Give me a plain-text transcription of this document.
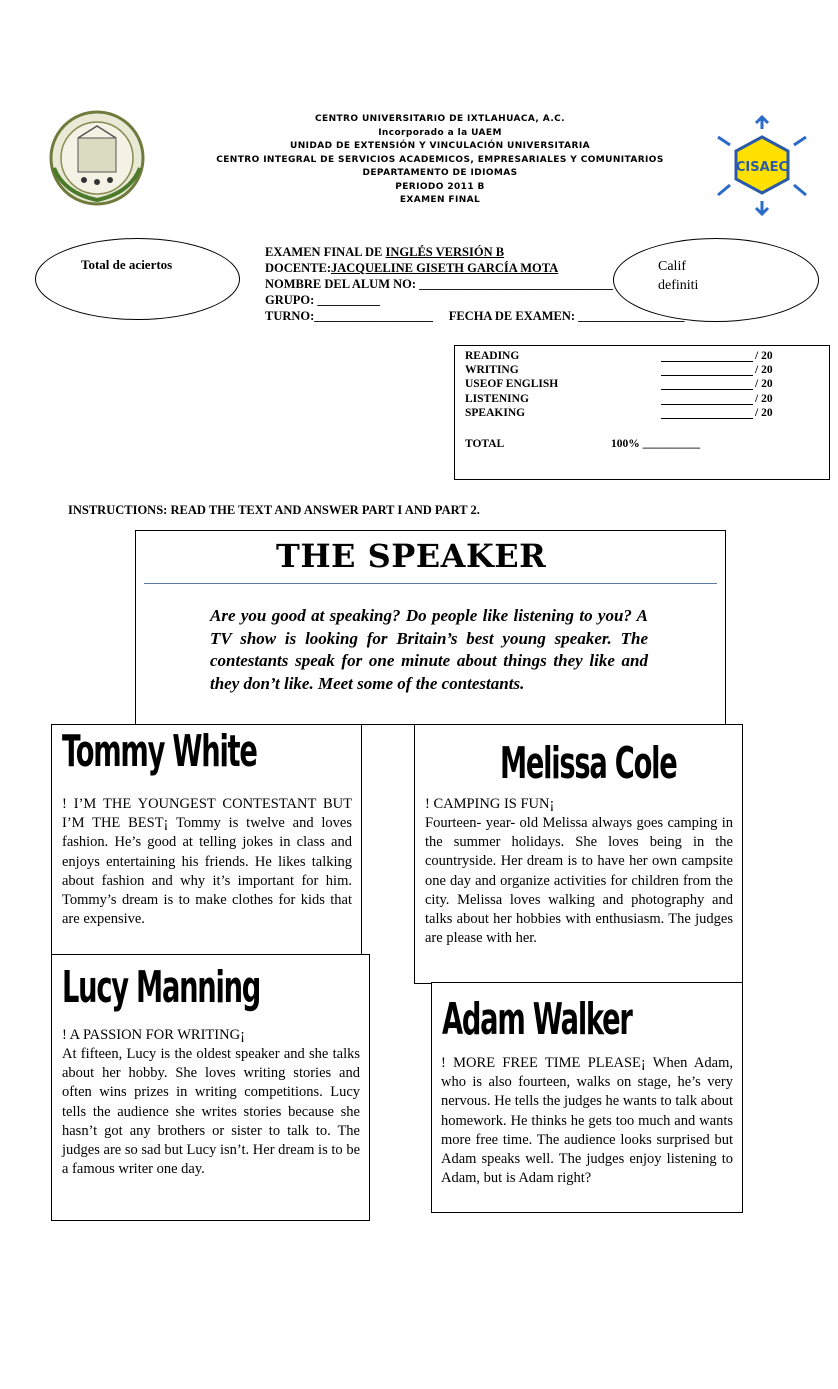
CENTRO UNIVERSITARIO DE IXTLAHUACA, A.C.
Incorporado a la UAEM
UNIDAD DE EXTENSIÓN Y VINCULACIÓN UNIVERSITARIA
CENTRO INTEGRAL DE SERVICIOS ACADEMICOS, EMPRESARIALES Y COMUNITARIOS
DEPARTAMENTO DE IDIOMAS
PERIODO 2011 B
EXAMEN FINAL
CISAEC
Total de aciertos
EXAMEN FINAL DE INGLÉS VERSIÓN B
DOCENTE:JACQUELINE GISETH GARCÍA MOTA
NOMBRE DEL ALUM NO: _______________________________
GRUPO: __________
TURNO:___________________ FECHA DE EXAMEN: _________________
Calif
definiti
READING	/ 20
WRITING	/ 20
USEOF ENGLISH	/ 20
LISTENING	/ 20
SPEAKING	/ 20
TOTAL	100% __________
INSTRUCTIONS: READ THE TEXT AND ANSWER PART I AND PART 2.
THE SPEAKER
Are you good at speaking? Do people like listening to you? A TV show is looking for Britain’s best young speaker. The contestants speak for one minute about things they like and they don’t like. Meet some of the contestants.
Tommy White
! I’M THE YOUNGEST CONTESTANT BUT I’M THE BEST¡ Tommy is twelve and loves fashion. He’s good at telling jokes in class and enjoys entertaining his friends. He likes talking about fashion and why it’s important for him. Tommy’s dream is to make clothes for kids that are expensive.
Melissa Cole
! CAMPING IS FUN¡
Fourteen- year- old Melissa always goes camping in the summer holidays. She loves being in the countryside. Her dream is to have her own campsite one day and organize activities for children from the city. Melissa loves walking and photography and talks about her hobbies with enthusiasm. The judges are please with her.
Lucy Manning
! A PASSION FOR WRITING¡
At fifteen, Lucy is the oldest speaker and she talks about her hobby. She loves writing stories and often wins prizes in writing competitions. Lucy tells the audience she writes stories because she hasn’t got any brothers or sister to talk to. The judges are so sad but Lucy isn’t. Her dream is to be a famous writer one day.
Adam Walker
! MORE FREE TIME PLEASE¡ When Adam, who is also fourteen, walks on stage, he’s very nervous. He tells the judges he wants to talk about homework. He thinks he gets too much and wants more free time. The audience looks surprised but Adam speaks well. The judges enjoy listening to Adam, but is Adam right?
